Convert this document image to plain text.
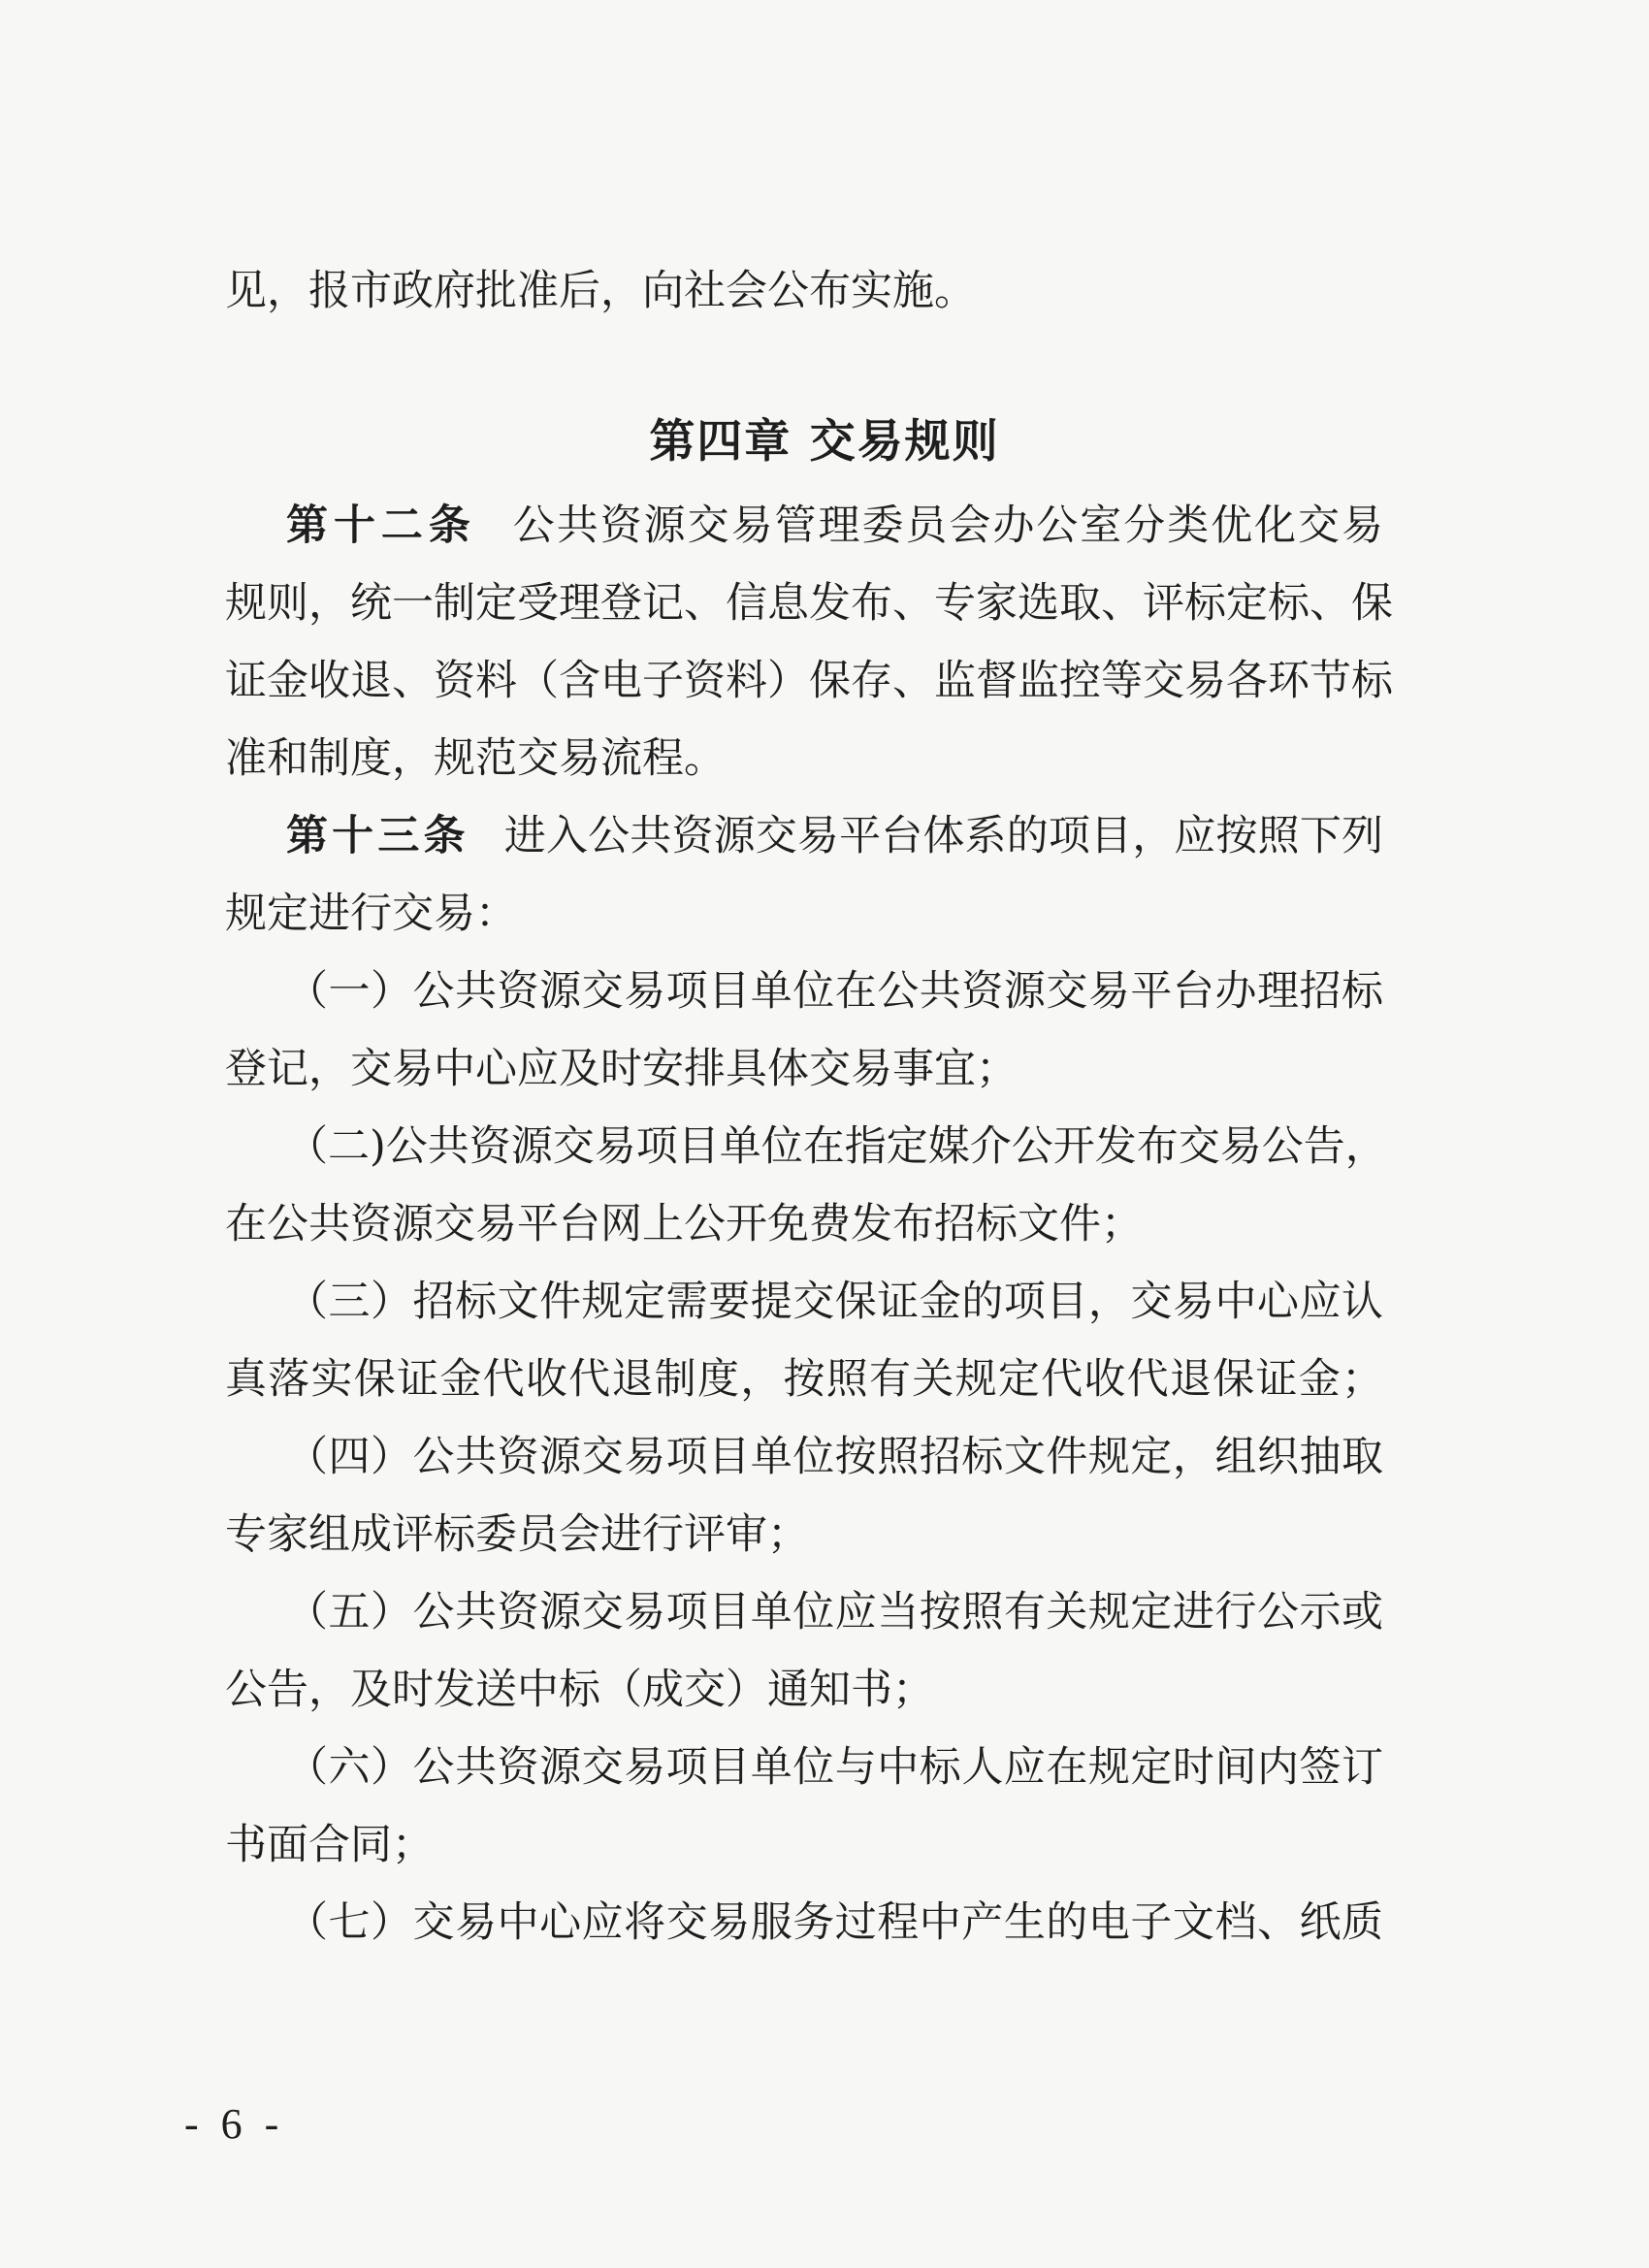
见，报市政府批准后，向社会公布实施。
第四章 交易规则
第十二条 公共资源交易管理委员会办公室分类优化交易
规则，统一制定受理登记、信息发布、专家选取、评标定标、保
证金收退、资料（含电子资料）保存、监督监控等交易各环节标
准和制度，规范交易流程。
第十三条 进入公共资源交易平台体系的项目，应按照下列
规定进行交易：
（一）公共资源交易项目单位在公共资源交易平台办理招标
登记，交易中心应及时安排具体交易事宜；
（二)公共资源交易项目单位在指定媒介公开发布交易公告，
在公共资源交易平台网上公开免费发布招标文件；
（三）招标文件规定需要提交保证金的项目，交易中心应认
真落实保证金代收代退制度，按照有关规定代收代退保证金；
（四）公共资源交易项目单位按照招标文件规定，组织抽取
专家组成评标委员会进行评审；
（五）公共资源交易项目单位应当按照有关规定进行公示或
公告，及时发送中标（成交）通知书；
（六）公共资源交易项目单位与中标人应在规定时间内签订
书面合同；
（七）交易中心应将交易服务过程中产生的电子文档、纸质
- 6 -
